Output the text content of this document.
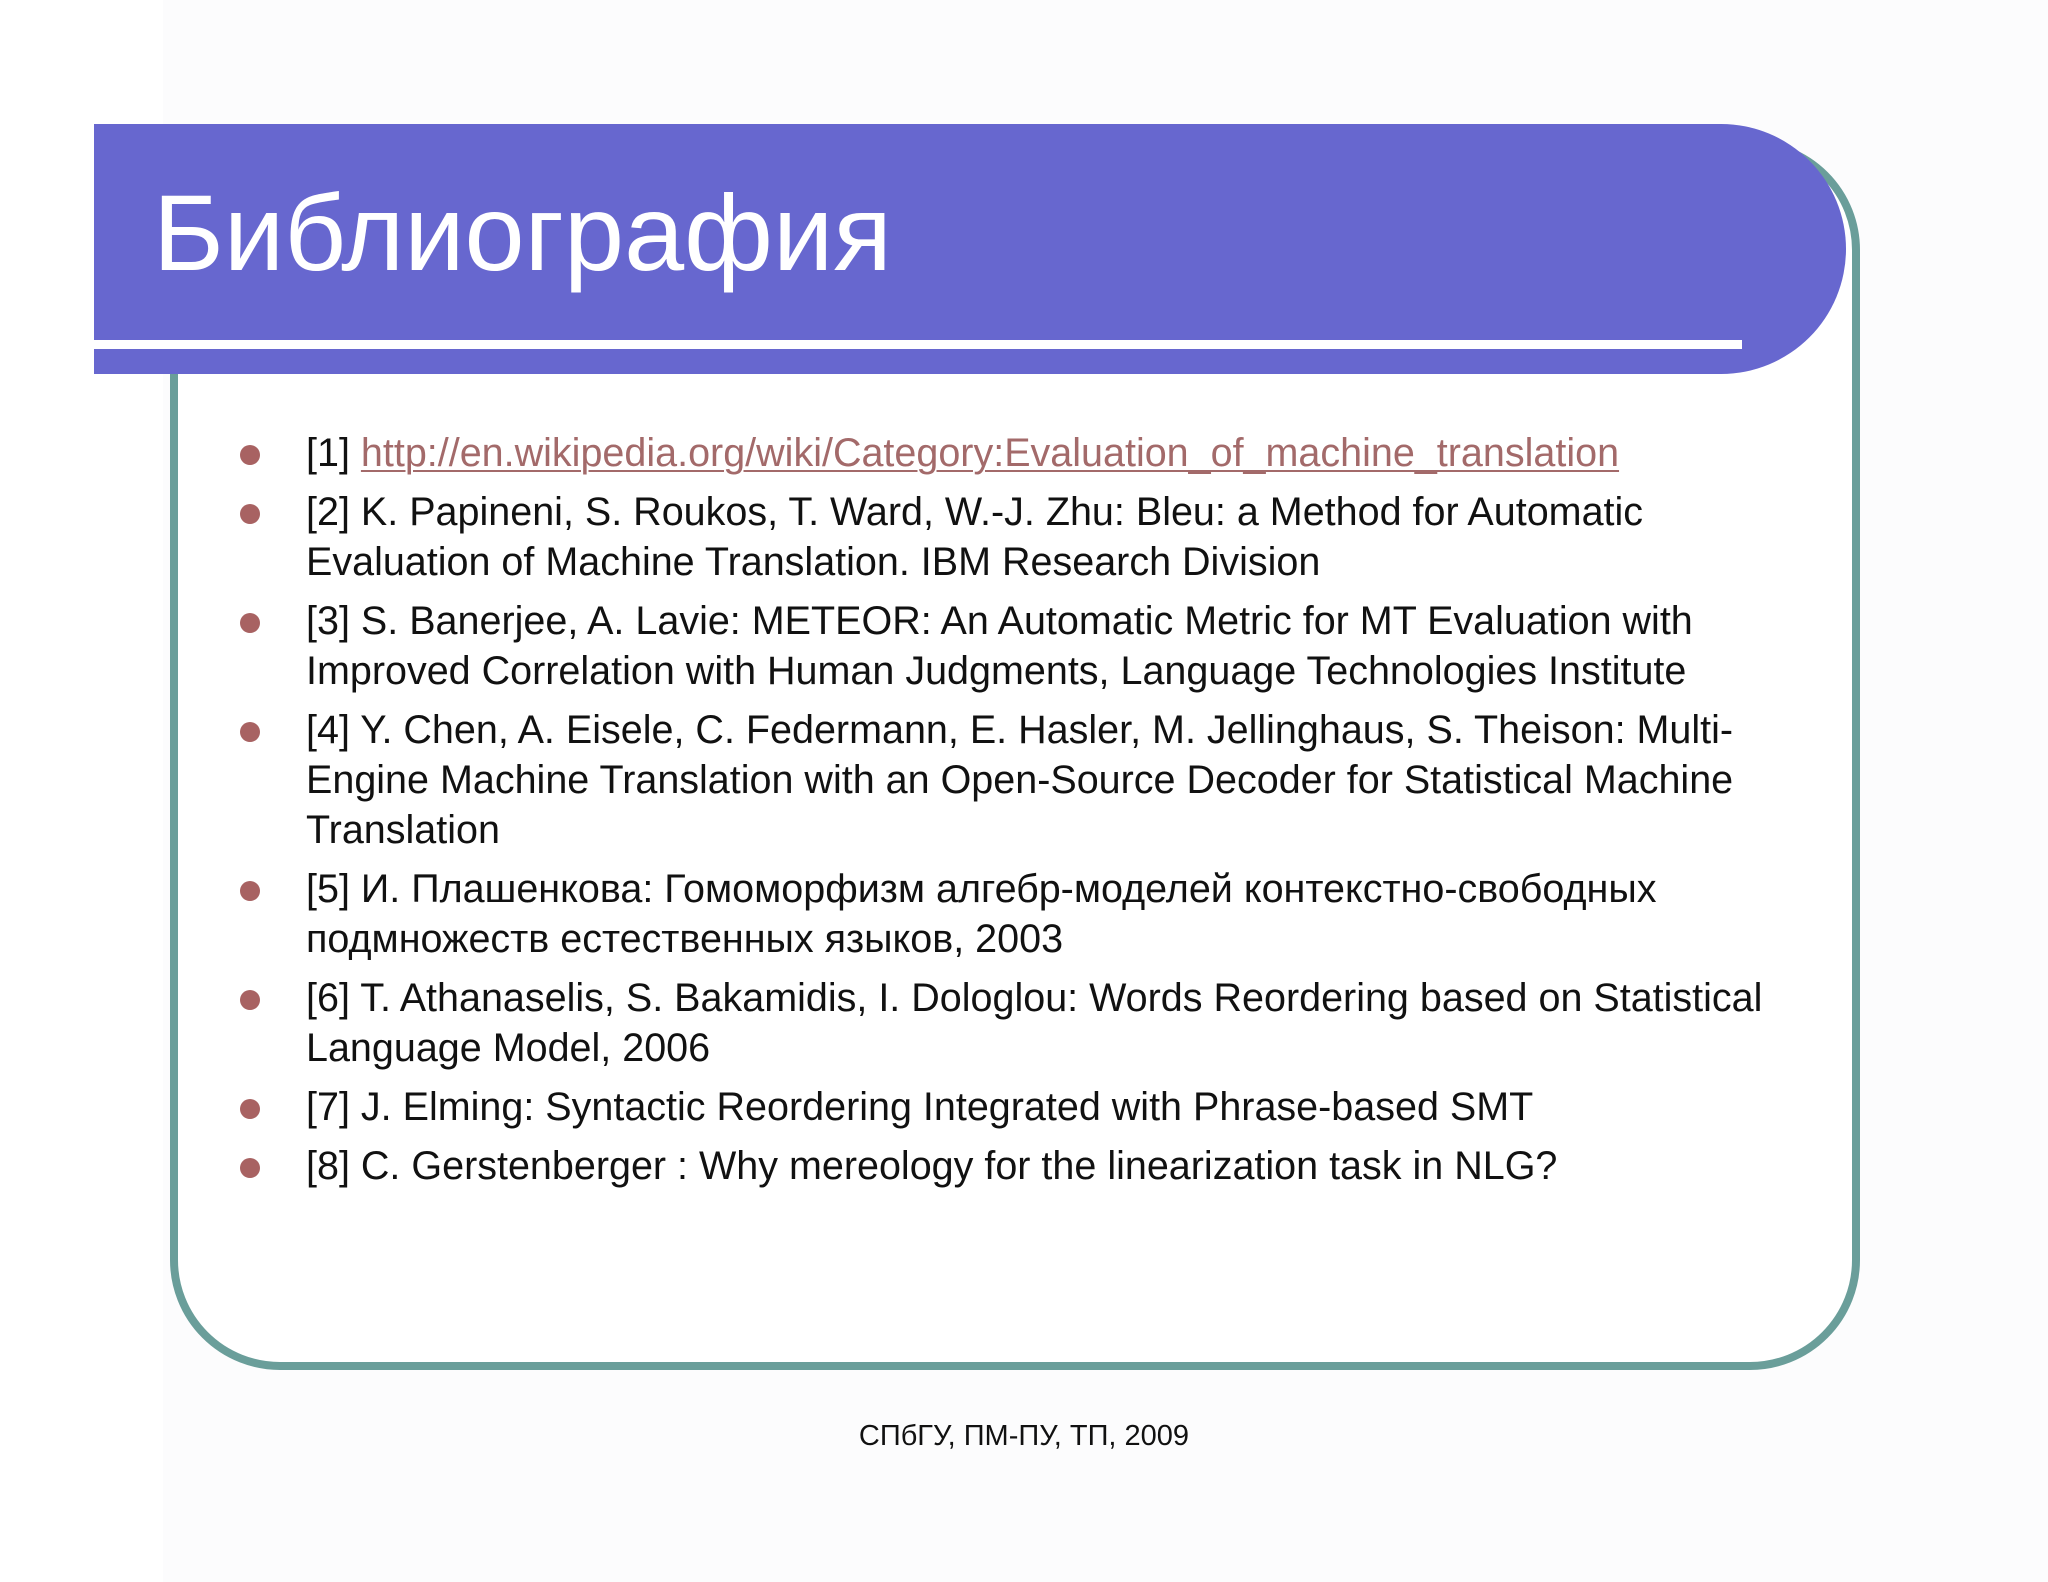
Библиография
[1] http://en.wikipedia.org/wiki/Category:Evaluation_of_machine_translation
[2] K. Papineni, S. Roukos, T. Ward, W.-J. Zhu: Bleu: a Method for Automatic Evaluation of Machine Translation. IBM Research Division
[3] S. Banerjee, A. Lavie: METEOR: An Automatic Metric for MT Evaluation with Improved Correlation with Human Judgments, Language Technologies Institute
[4] Y. Chen, A. Eisele, C. Federmann, E. Hasler, M. Jellinghaus, S. Theison: Multi-Engine Machine Translation with an Open-Source Decoder for Statistical Machine Translation
[5] И. Плашенкова: Гомоморфизм алгебр-моделей контекстно-свободных подмножеств естественных языков, 2003
[6] T. Athanaselis, S. Bakamidis, I. Dologlou: Words Reordering based on Statistical Language Model, 2006
[7] J. Elming: Syntactic Reordering Integrated with Phrase-based SMT
[8] C. Gerstenberger : Why mereology for the linearization task in NLG?
СПбГУ, ПМ-ПУ, ТП, 2009
